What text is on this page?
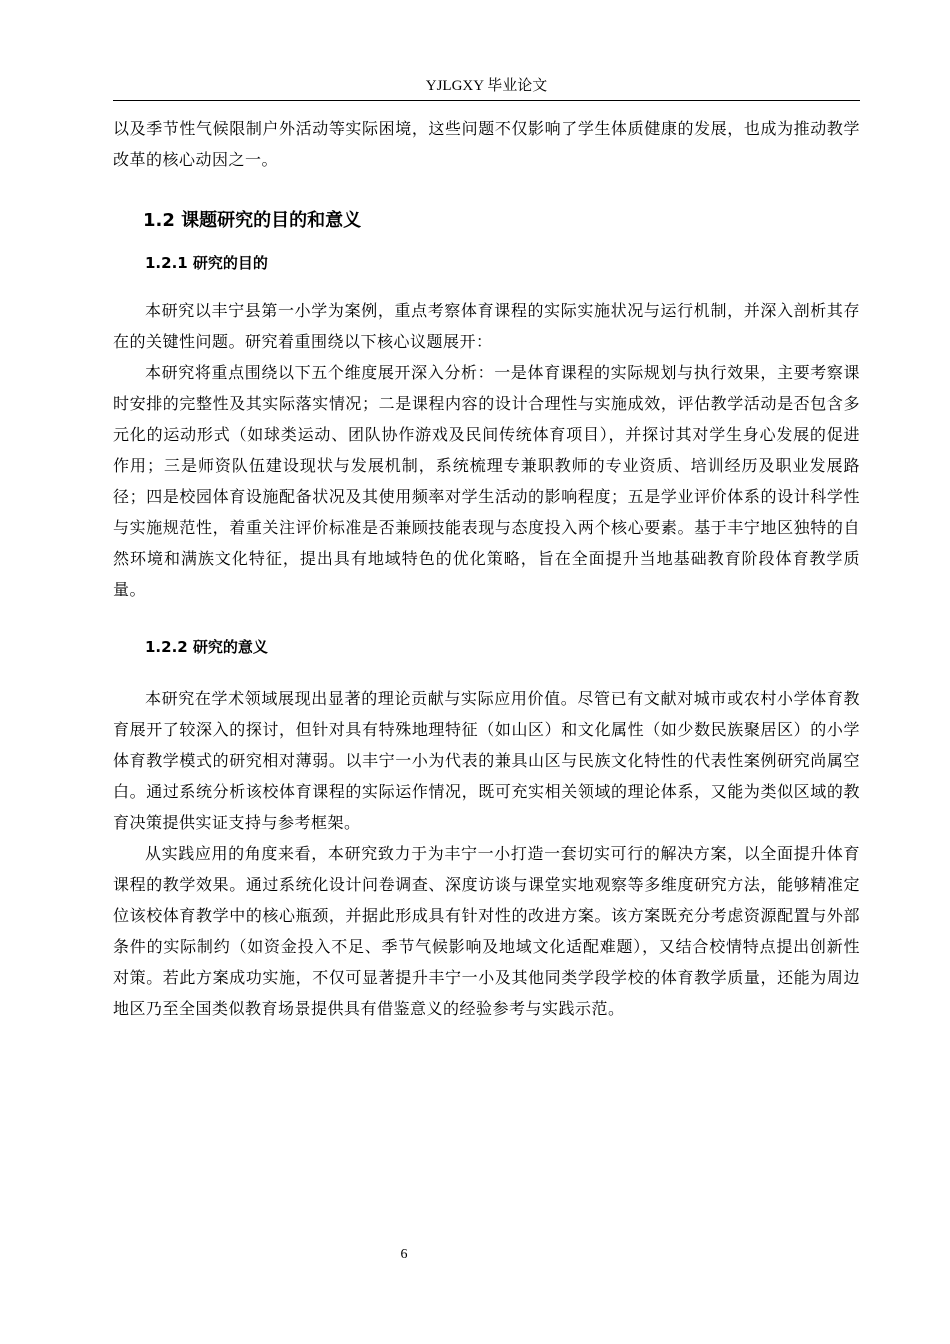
YJLGXY 毕业论文

以及季节性气候限制户外活动等实际困境，这些问题不仅影响了学生体质健康的发展，也成为推动教学改革的核心动因之一。

1.2 课题研究的目的和意义
1.2.1 研究的目的

本研究以丰宁县第一小学为案例，重点考察体育课程的实际实施状况与运行机制，并深入剖析其存在的关键性问题。研究着重围绕以下核心议题展开：

本研究将重点围绕以下五个维度展开深入分析：一是体育课程的实际规划与执行效果，主要考察课时安排的完整性及其实际落实情况；二是课程内容的设计合理性与实施成效，评估教学活动是否包含多元化的运动形式（如球类运动、团队协作游戏及民间传统体育项目），并探讨其对学生身心发展的促进作用；三是师资队伍建设现状与发展机制，系统梳理专兼职教师的专业资质、培训经历及职业发展路径；四是校园体育设施配备状况及其使用频率对学生活动的影响程度；五是学业评价体系的设计科学性与实施规范性，着重关注评价标准是否兼顾技能表现与态度投入两个核心要素。基于丰宁地区独特的自然环境和满族文化特征，提出具有地域特色的优化策略，旨在全面提升当地基础教育阶段体育教学质量。

1.2.2 研究的意义

本研究在学术领域展现出显著的理论贡献与实际应用价值。尽管已有文献对城市或农村小学体育教育展开了较深入的探讨，但针对具有特殊地理特征（如山区）和文化属性（如少数民族聚居区）的小学体育教学模式的研究相对薄弱。以丰宁一小为代表的兼具山区与民族文化特性的代表性案例研究尚属空白。通过系统分析该校体育课程的实际运作情况，既可充实相关领域的理论体系，又能为类似区域的教育决策提供实证支持与参考框架。

从实践应用的角度来看，本研究致力于为丰宁一小打造一套切实可行的解决方案，以全面提升体育课程的教学效果。通过系统化设计问卷调查、深度访谈与课堂实地观察等多维度研究方法，能够精准定位该校体育教学中的核心瓶颈，并据此形成具有针对性的改进方案。该方案既充分考虑资源配置与外部条件的实际制约（如资金投入不足、季节气候影响及地域文化适配难题），又结合校情特点提出创新性对策。若此方案成功实施，不仅可显著提升丰宁一小及其他同类学段学校的体育教学质量，还能为周边地区乃至全国类似教育场景提供具有借鉴意义的经验参考与实践示范。

6
